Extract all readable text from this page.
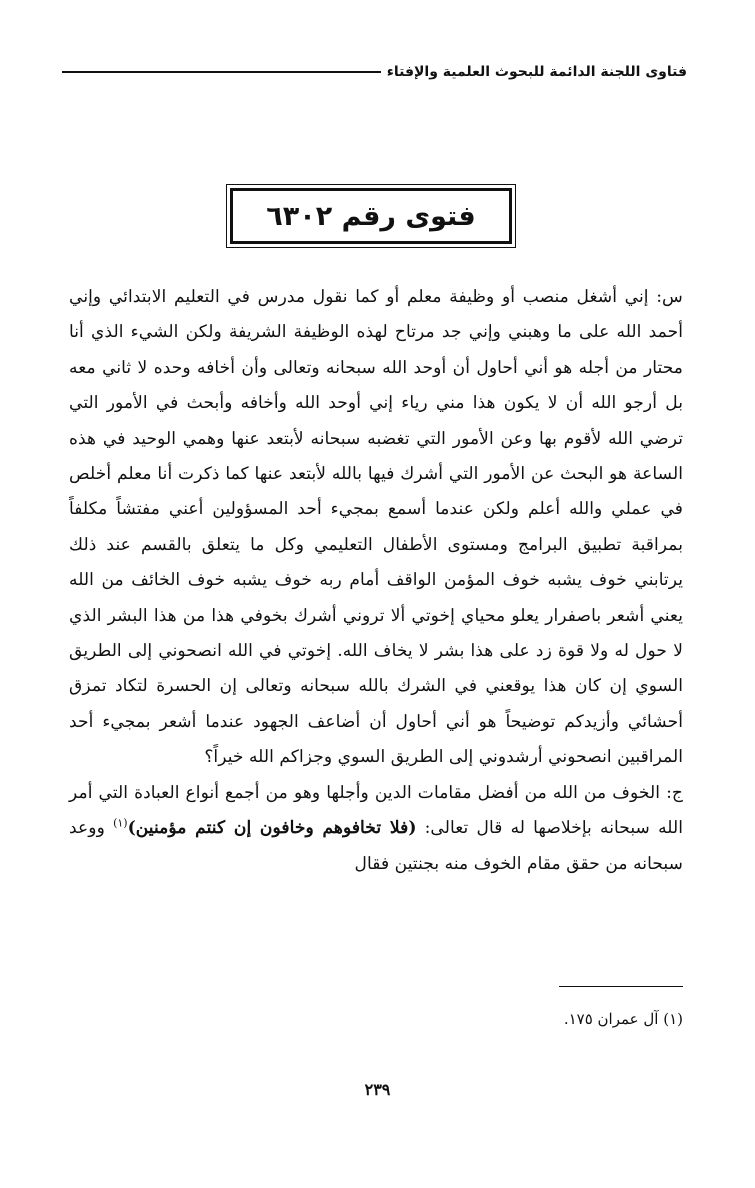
فتاوى اللجنة الدائمة للبحوث العلمية والإفتاء
فتوى رقم ٦٣٠٢

س: إني أشغل منصب أو وظيفة معلم أو كما نقول مدرس في التعليم الابتدائي وإني أحمد الله على ما وهبني وإني جد مرتاح لهذه الوظيفة الشريفة ولكن الشيء الذي أنا محتار من أجله هو أني أحاول أن أوحد الله سبحانه وتعالى وأن أخافه وحده لا ثاني معه بل أرجو الله أن لا يكون هذا مني رياء إني أوحد الله وأخافه وأبحث في الأمور التي ترضي الله لأقوم بها وعن الأمور التي تغضبه سبحانه لأبتعد عنها وهمي الوحيد في هذه الساعة هو البحث عن الأمور التي أشرك فيها بالله لأبتعد عنها كما ذكرت أنا معلم أخلص في عملي والله أعلم ولكن عندما أسمع بمجيء أحد المسؤولين أعني مفتشاً مكلفاً بمراقبة تطبيق البرامج ومستوى الأطفال التعليمي وكل ما يتعلق بالقسم عند ذلك يرتابني خوف يشبه خوف المؤمن الواقف أمام ربه خوف يشبه خوف الخائف من الله يعني أشعر باصفرار يعلو محياي إخوتي ألا تروني أشرك بخوفي هذا من هذا البشر الذي لا حول له ولا قوة زد على هذا بشر لا يخاف الله. إخوتي في الله انصحوني إلى الطريق السوي إن كان هذا يوقعني في الشرك بالله سبحانه وتعالى إن الحسرة لتكاد تمزق أحشائي وأزيدكم توضيحاً هو أني أحاول أن أضاعف الجهود عندما أشعر بمجيء أحد المراقبين انصحوني أرشدوني إلى الطريق السوي وجزاكم الله خيراً؟

ج: الخوف من الله من أفضل مقامات الدين وأجلها وهو من أجمع أنواع العبادة التي أمر الله سبحانه بإخلاصها له قال تعالى: (فلا تخافوهم وخافون إن كنتم مؤمنين)$^{(١)}$ ووعد سبحانه من حقق مقام الخوف منه بجنتين فقال

(١) آل عمران ١٧٥.
٢٣٩
